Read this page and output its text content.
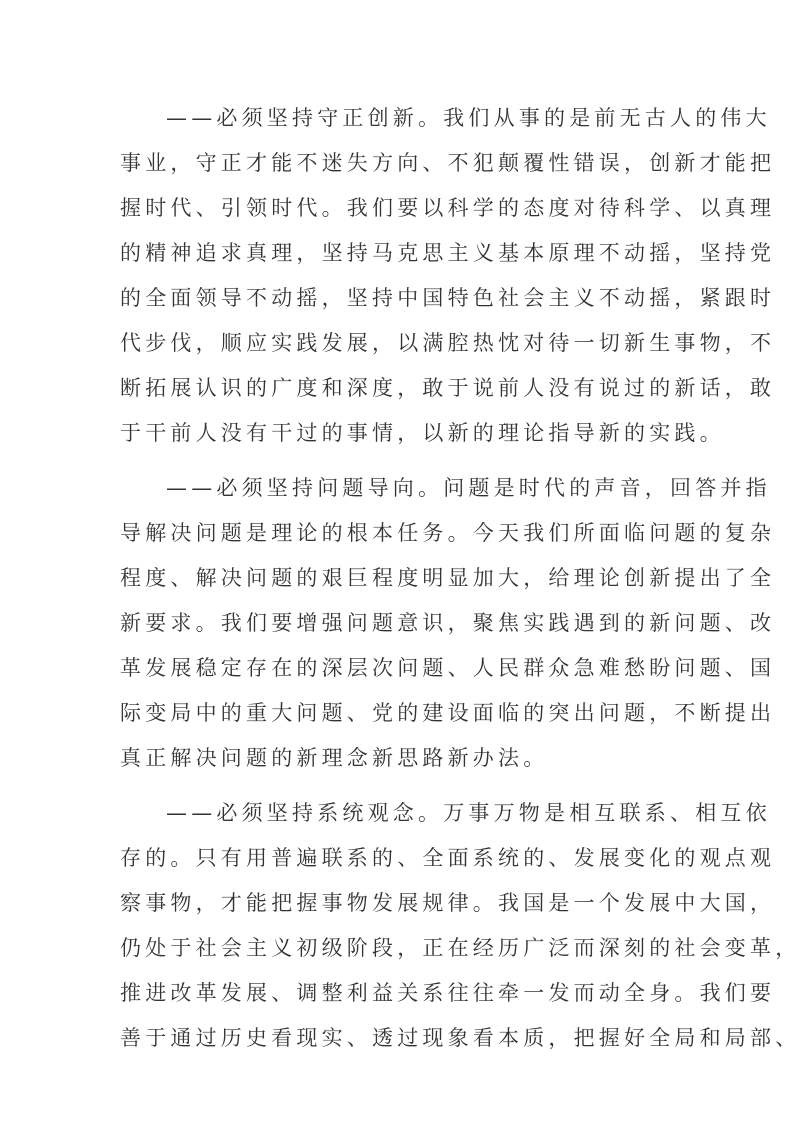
——必须坚持守正创新。我们从事的是前无古人的伟大
事业，守正才能不迷失方向、不犯颠覆性错误，创新才能把
握时代、引领时代。我们要以科学的态度对待科学、以真理
的精神追求真理，坚持马克思主义基本原理不动摇，坚持党
的全面领导不动摇，坚持中国特色社会主义不动摇，紧跟时
代步伐，顺应实践发展，以满腔热忱对待一切新生事物，不
断拓展认识的广度和深度，敢于说前人没有说过的新话，敢
于干前人没有干过的事情，以新的理论指导新的实践。

——必须坚持问题导向。问题是时代的声音，回答并指
导解决问题是理论的根本任务。今天我们所面临问题的复杂
程度、解决问题的艰巨程度明显加大，给理论创新提出了全
新要求。我们要增强问题意识，聚焦实践遇到的新问题、改
革发展稳定存在的深层次问题、人民群众急难愁盼问题、国
际变局中的重大问题、党的建设面临的突出问题，不断提出
真正解决问题的新理念新思路新办法。

——必须坚持系统观念。万事万物是相互联系、相互依
存的。只有用普遍联系的、全面系统的、发展变化的观点观
察事物，才能把握事物发展规律。我国是一个发展中大国，
仍处于社会主义初级阶段，正在经历广泛而深刻的社会变革，
推进改革发展、调整利益关系往往牵一发而动全身。我们要
善于通过历史看现实、透过现象看本质，把握好全局和局部、
